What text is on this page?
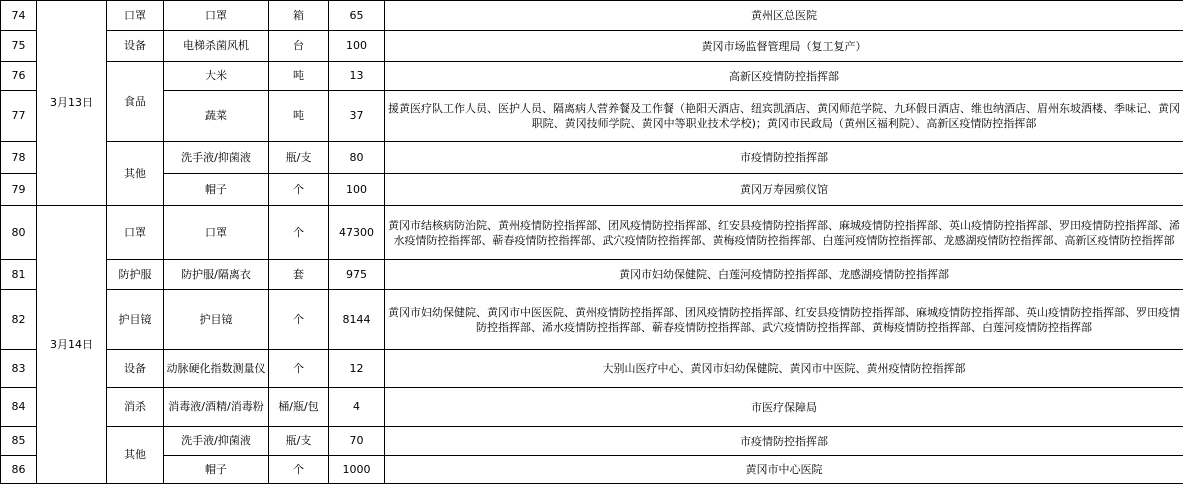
74	3月13日	口罩	口罩	箱	65	黄州区总医院
75		设备	电梯杀菌风机	台	100	黄冈市场监督管理局（复工复产）
76		食品	大米	吨	13	高新区疫情防控指挥部
77			蔬菜	吨	37	援黄医疗队工作人员、医护人员、隔离病人营养餐及工作餐（艳阳天酒店、纽宾凯酒店、黄冈师范学院、九环假日酒店、维也纳酒店、眉州东坡酒楼、季味记、黄冈职院、黄冈技师学院、黄冈中等职业技术学校)；黄冈市民政局（黄州区福利院）、高新区疫情防控指挥部
78		其他	洗手液/抑菌液	瓶/支	80	市疫情防控指挥部
79			帽子	个	100	黄冈万寿园殡仪馆
80	3月14日	口罩	口罩	个	47300	黄冈市结核病防治院、黄州疫情防控指挥部、团风疫情防控指挥部、红安县疫情防控指挥部、麻城疫情防控指挥部、英山疫情防控指挥部、罗田疫情防控指挥部、浠水疫情防控指挥部、蕲春疫情防控指挥部、武穴疫情防控指挥部、黄梅疫情防控指挥部、白莲河疫情防控指挥部、龙感湖疫情防控指挥部、高新区疫情防控指挥部
81		防护服	防护服/隔离衣	套	975	黄冈市妇幼保健院、白莲河疫情防控指挥部、龙感湖疫情防控指挥部
82		护目镜	护目镜	个	8144	黄冈市妇幼保健院、黄冈市中医医院、黄州疫情防控指挥部、团风疫情防控指挥部、红安县疫情防控指挥部、麻城疫情防控指挥部、英山疫情防控指挥部、罗田疫情防控指挥部、浠水疫情防控指挥部、蕲春疫情防控指挥部、武穴疫情防控指挥部、黄梅疫情防控指挥部、白莲河疫情防控指挥部
83		设备	动脉硬化指数测量仪	个	12	大别山医疗中心、黄冈市妇幼保健院、黄冈市中医院、黄州疫情防控指挥部
84		消杀	消毒液/酒精/消毒粉	桶/瓶/包	4	市医疗保障局
85		其他	洗手液/抑菌液	瓶/支	70	市疫情防控指挥部
86			帽子	个	1000	黄冈市中心医院
